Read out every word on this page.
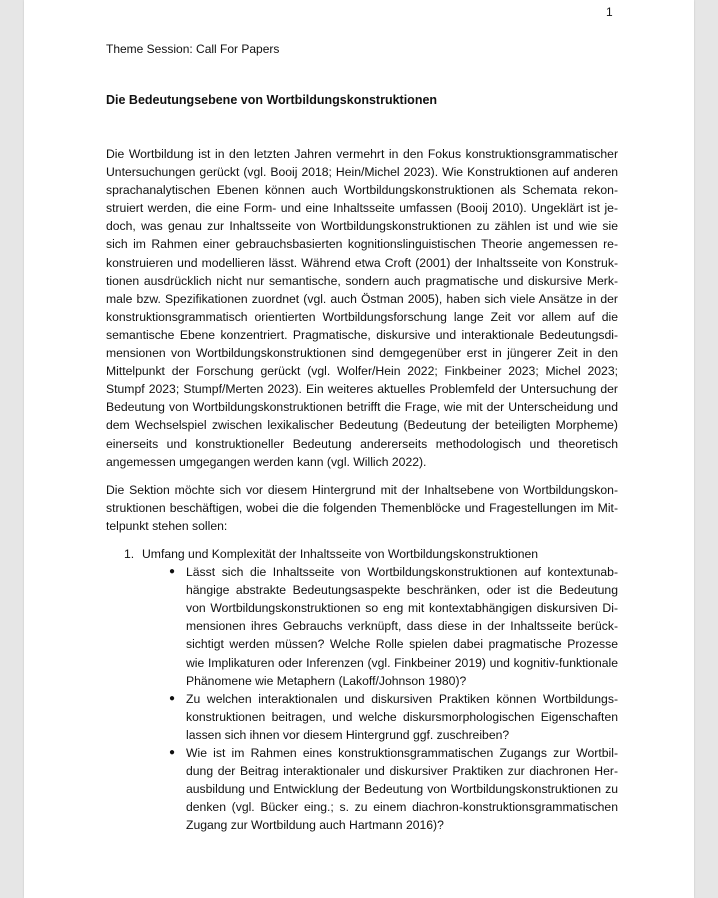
1
Theme Session: Call For Papers
Die Bedeutungsebene von Wortbildungskonstruktionen

Die Wortbildung ist in den letzten Jahren vermehrt in den Fokus konstruktionsgrammatischer Untersuchungen gerückt (vgl. Booij 2018; Hein/Michel 2023). Wie Konstruktionen auf anderen sprachanalytischen Ebenen können auch Wortbildungskonstruktionen als Schemata rekonstruiert werden, die eine Form- und eine Inhaltsseite umfassen (Booij 2010). Ungeklärt ist jedoch, was genau zur Inhaltsseite von Wortbildungskonstruktionen zu zählen ist und wie sie sich im Rahmen einer gebrauchsbasierten kognitionslinguistischen Theorie angemessen rekonstruieren und modellieren lässt. Während etwa Croft (2001) der Inhaltsseite von Konstruktionen ausdrücklich nicht nur semantische, sondern auch pragmatische und diskursive Merkmale bzw. Spezifikationen zuordnet (vgl. auch Östman 2005), haben sich viele Ansätze in der konstruktionsgrammatisch orientierten Wortbildungsforschung lange Zeit vor allem auf die semantische Ebene konzentriert. Pragmatische, diskursive und interaktionale Bedeutungsdimensionen von Wortbildungskonstruktionen sind demgegenüber erst in jüngerer Zeit in den Mittelpunkt der Forschung gerückt (vgl. Wolfer/Hein 2022; Finkbeiner 2023; Michel 2023; Stumpf 2023; Stumpf/Merten 2023). Ein weiteres aktuelles Problemfeld der Untersuchung der Bedeutung von Wortbildungskonstruktionen betrifft die Frage, wie mit der Unterscheidung und dem Wechselspiel zwischen lexikalischer Bedeutung (Bedeutung der beteiligten Morpheme) einerseits und konstruktioneller Bedeutung andererseits methodologisch und theoretisch angemessen umgegangen werden kann (vgl. Willich 2022).

Die Sektion möchte sich vor diesem Hintergrund mit der Inhaltsebene von Wortbildungskonstruktionen beschäftigen, wobei die die folgenden Themenblöcke und Fragestellungen im Mittelpunkt stehen sollen:

1. Umfang und Komplexität der Inhaltsseite von Wortbildungskonstruktionen
● Lässt sich die Inhaltsseite von Wortbildungskonstruktionen auf kontextunabhängige abstrakte Bedeutungsaspekte beschränken, oder ist die Bedeutung von Wortbildungskonstruktionen so eng mit kontextabhängigen diskursiven Dimensionen ihres Gebrauchs verknüpft, dass diese in der Inhaltsseite berücksichtigt werden müssen? Welche Rolle spielen dabei pragmatische Prozesse wie Implikaturen oder Inferenzen (vgl. Finkbeiner 2019) und kognitiv-funktionale Phänomene wie Metaphern (Lakoff/Johnson 1980)?
● Zu welchen interaktionalen und diskursiven Praktiken können Wortbildungskonstruktionen beitragen, und welche diskursmorphologischen Eigenschaften lassen sich ihnen vor diesem Hintergrund ggf. zuschreiben?
● Wie ist im Rahmen eines konstruktionsgrammatischen Zugangs zur Wortbildung der Beitrag interaktionaler und diskursiver Praktiken zur diachronen Herausbildung und Entwicklung der Bedeutung von Wortbildungskonstruktionen zu denken (vgl. Bücker eing.; s. zu einem diachron-konstruktionsgrammatischen Zugang zur Wortbildung auch Hartmann 2016)?
